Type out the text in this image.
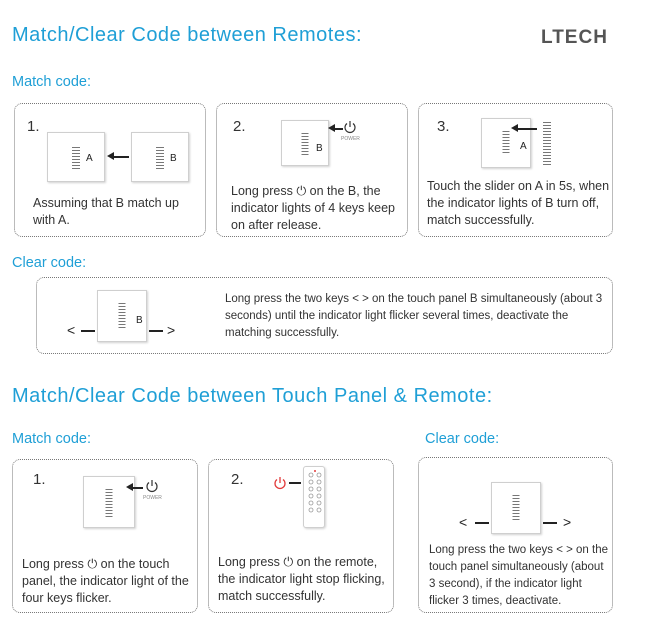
Match/Clear Code between Remotes:	LTECH
Match code:
1.
A	B
Assuming that B match up with A.
2.
B
POWER
Long press ⏻ on the B, the indicator lights of 4 keys keep on after release.
3.
A
Touch the slider on A in 5s, when the indicator lights of B turn off, match successfully.
Clear code:
<
B
>
Long press the two keys < > on the touch panel B simultaneously (about 3 seconds) until the indicator light flicker several times, deactivate the matching successfully.
Match/Clear Code between Touch Panel & Remote:
Match code:	Clear code:
1.
POWER
Long press ⏻ on the touch panel, the indicator light of the four keys flicker.
2.
Long press ⏻ on the remote, the indicator light stop flicking, match successfully.
<	>
Long press the two keys < > on the touch panel simultaneously (about 3 second), if the indicator light flicker 3 times, deactivate.
